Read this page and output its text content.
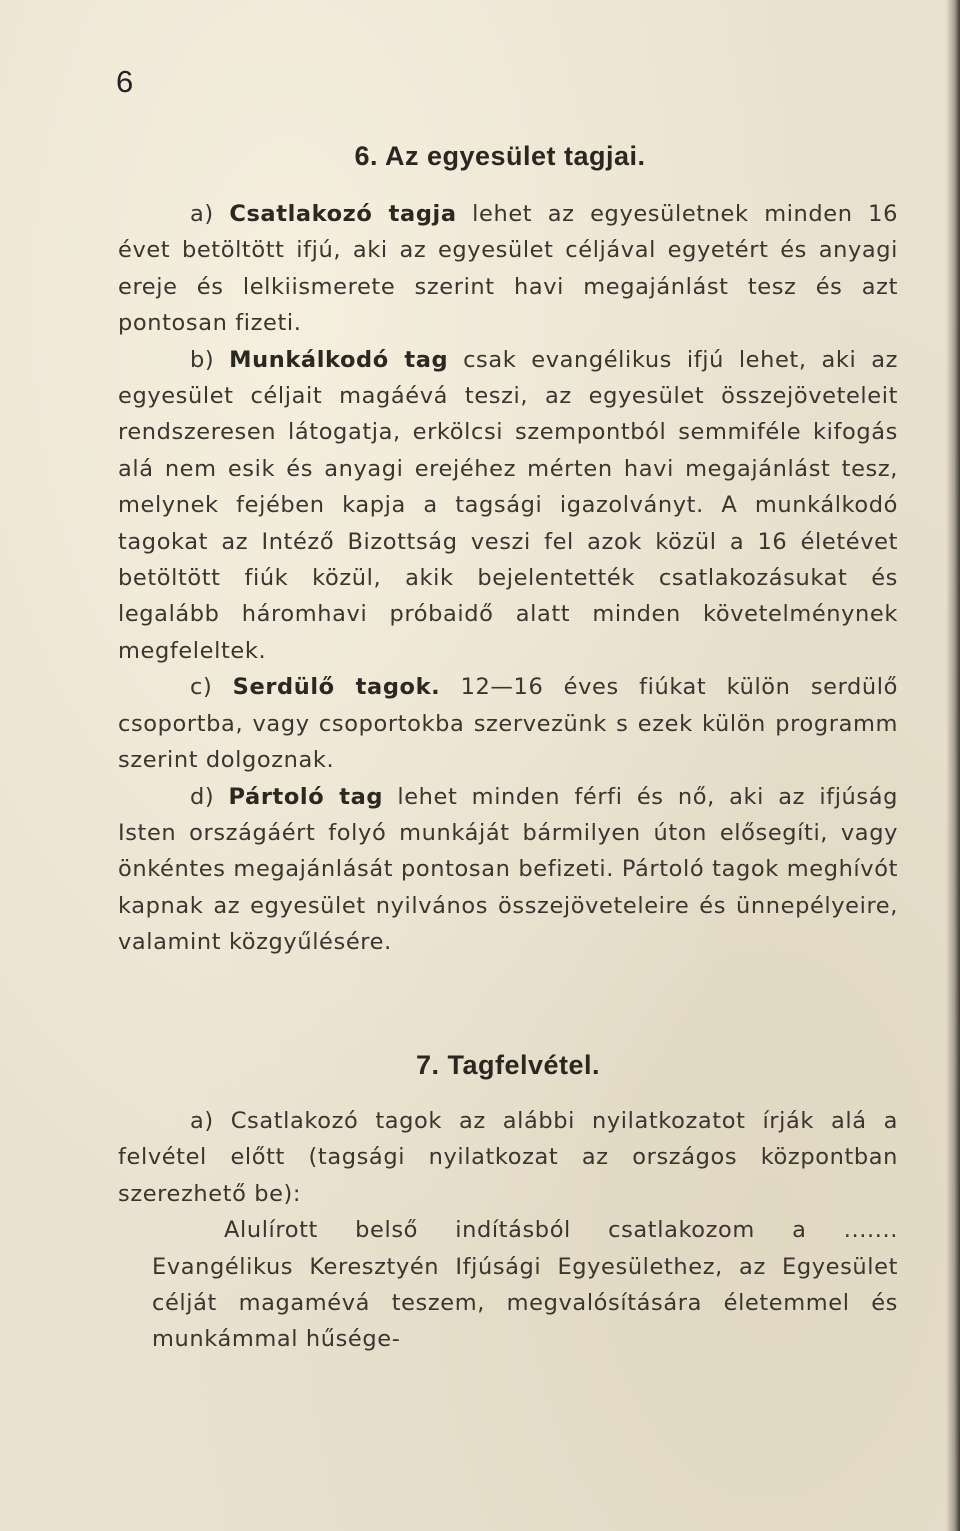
6
6. Az egyesület tagjai.

a) Csatlakozó tagja lehet az egyesületnek minden 16 évet betöltött ifjú, aki az egyesület céljával egyetért és anyagi ereje és lelkiismerete szerint havi megajánlást tesz és azt pontosan fizeti.

b) Munkálkodó tag csak evangélikus ifjú lehet, aki az egyesület céljait magáévá teszi, az egyesület összejöveteleit rendszeresen látogatja, erkölcsi szempontból semmiféle kifogás alá nem esik és anyagi erejéhez mérten havi megajánlást tesz, melynek fejében kapja a tagsági igazolványt. A munkálkodó tagokat az Intéző Bizottság veszi fel azok közül a 16 életévet betöltött fiúk közül, akik bejelentették csatlakozásukat és legalább háromhavi próbaidő alatt minden követelménynek megfeleltek.

c) Serdülő tagok. 12—16 éves fiúkat külön serdülő csoportba, vagy csoportokba szervezünk s ezek külön programm szerint dolgoznak.

d) Pártoló tag lehet minden férfi és nő, aki az ifjúság Isten országáért folyó munkáját bármilyen úton elősegíti, vagy önkéntes megajánlását pontosan befizeti. Pártoló tagok meghívót kapnak az egyesület nyilvános összejöveteleire és ünnepélyeire, valamint közgyűlésére.

7. Tagfelvétel.

a) Csatlakozó tagok az alábbi nyilatkozatot írják alá a felvétel előtt (tagsági nyilatkozat az országos központban szerezhető be):

Alulírott belső indításból csatlakozom a ....... Evangélikus Keresztyén Ifjúsági Egyesülethez, az Egyesület célját magamévá teszem, megvalósítására életemmel és munkámmal hűsége-
